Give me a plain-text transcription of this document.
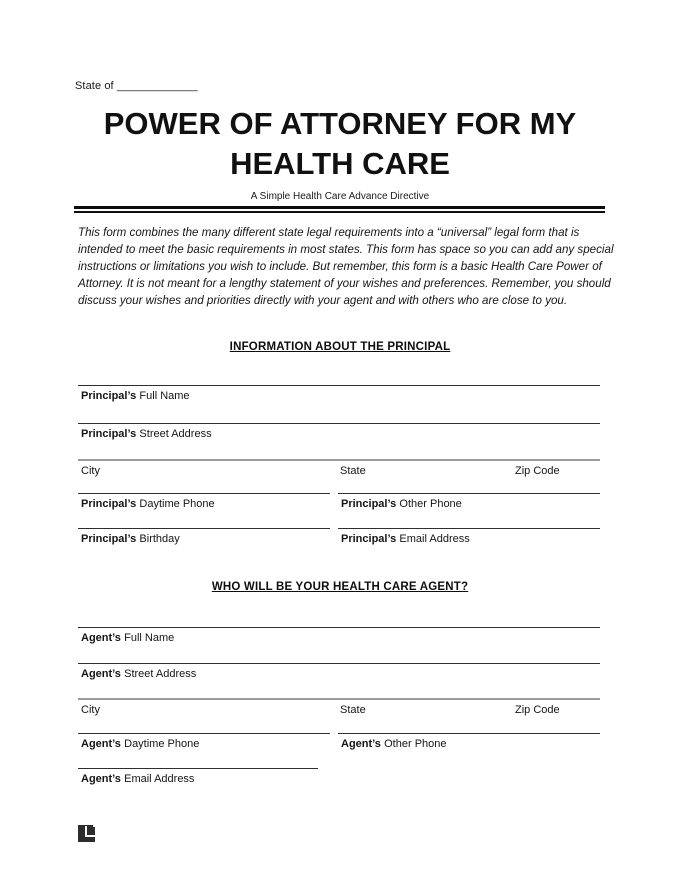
State of _____________
POWER OF ATTORNEY FOR MY
HEALTH CARE
A Simple Health Care Advance Directive
This form combines the many different state legal requirements into a “universal” legal form that is
intended to meet the basic requirements in most states. This form has space so you can add any special
instructions or limitations you wish to include. But remember, this form is a basic Health Care Power of
Attorney. It is not meant for a lengthy statement of your wishes and preferences. Remember, you should
discuss your wishes and priorities directly with your agent and with others who are close to you.
INFORMATION ABOUT THE PRINCIPAL
Principal’s Full Name
Principal’s Street Address
City	State	Zip Code
Principal’s Daytime Phone	Principal’s Other Phone
Principal’s Birthday	Principal’s Email Address
WHO WILL BE YOUR HEALTH CARE AGENT?
Agent’s Full Name
Agent’s Street Address
City	State	Zip Code
Agent’s Daytime Phone	Agent’s Other Phone
Agent’s Email Address
